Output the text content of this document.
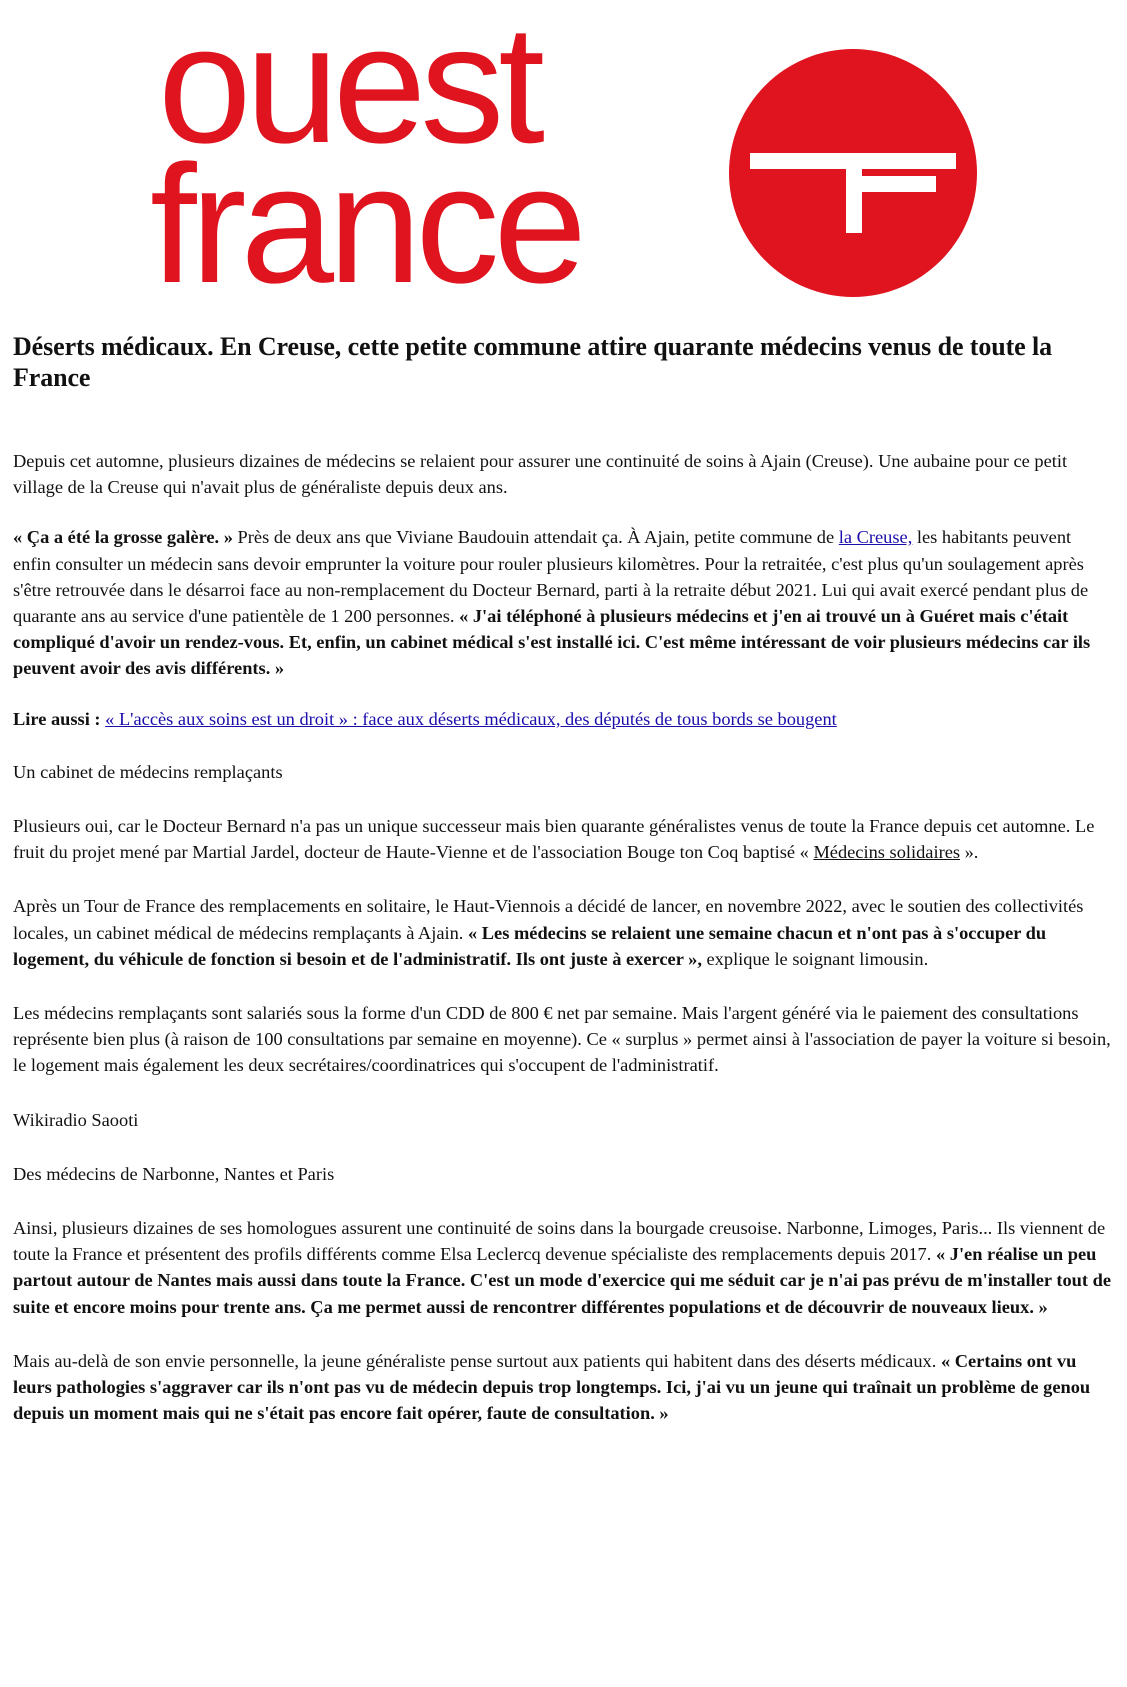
ouest
france
Déserts médicaux. En Creuse, cette petite commune attire quarante médecins venus de toute la France

Depuis cet automne, plusieurs dizaines de médecins se relaient pour assurer une continuité de soins à Ajain (Creuse). Une aubaine pour ce petit village de la Creuse qui n'avait plus de généraliste depuis deux ans.

« Ça a été la grosse galère. » Près de deux ans que Viviane Baudouin attendait ça. À Ajain, petite commune de la Creuse, les habitants peuvent enfin consulter un médecin sans devoir emprunter la voiture pour rouler plusieurs kilomètres. Pour la retraitée, c'est plus qu'un soulagement après s'être retrouvée dans le désarroi face au non-remplacement du Docteur Bernard, parti à la retraite début 2021. Lui qui avait exercé pendant plus de quarante ans au service d'une patientèle de 1 200 personnes. « J'ai téléphoné à plusieurs médecins et j'en ai trouvé un à Guéret mais c'était compliqué d'avoir un rendez-vous. Et, enfin, un cabinet médical s'est installé ici. C'est même intéressant de voir plusieurs médecins car ils peuvent avoir des avis différents. »

Lire aussi : « L'accès aux soins est un droit » : face aux déserts médicaux, des députés de tous bords se bougent

Un cabinet de médecins remplaçants

Plusieurs oui, car le Docteur Bernard n'a pas un unique successeur mais bien quarante généralistes venus de toute la France depuis cet automne. Le fruit du projet mené par Martial Jardel, docteur de Haute-Vienne et de l'association Bouge ton Coq baptisé « Médecins solidaires ».

Après un Tour de France des remplacements en solitaire, le Haut-Viennois a décidé de lancer, en novembre 2022, avec le soutien des collectivités locales, un cabinet médical de médecins remplaçants à Ajain. « Les médecins se relaient une semaine chacun et n'ont pas à s'occuper du logement, du véhicule de fonction si besoin et de l'administratif. Ils ont juste à exercer », explique le soignant limousin.

Les médecins remplaçants sont salariés sous la forme d'un CDD de 800 € net par semaine. Mais l'argent généré via le paiement des consultations représente bien plus (à raison de 100 consultations par semaine en moyenne). Ce « surplus » permet ainsi à l'association de payer la voiture si besoin, le logement mais également les deux secrétaires/coordinatrices qui s'occupent de l'administratif.

Wikiradio Saooti

Des médecins de Narbonne, Nantes et Paris

Ainsi, plusieurs dizaines de ses homologues assurent une continuité de soins dans la bourgade creusoise. Narbonne, Limoges, Paris... Ils viennent de toute la France et présentent des profils différents comme Elsa Leclercq devenue spécialiste des remplacements depuis 2017. « J'en réalise un peu partout autour de Nantes mais aussi dans toute la France. C'est un mode d'exercice qui me séduit car je n'ai pas prévu de m'installer tout de suite et encore moins pour trente ans. Ça me permet aussi de rencontrer différentes populations et de découvrir de nouveaux lieux. »

Mais au-delà de son envie personnelle, la jeune généraliste pense surtout aux patients qui habitent dans des déserts médicaux. « Certains ont vu leurs pathologies s'aggraver car ils n'ont pas vu de médecin depuis trop longtemps. Ici, j'ai vu un jeune qui traînait un problème de genou depuis un moment mais qui ne s'était pas encore fait opérer, faute de consultation. »
